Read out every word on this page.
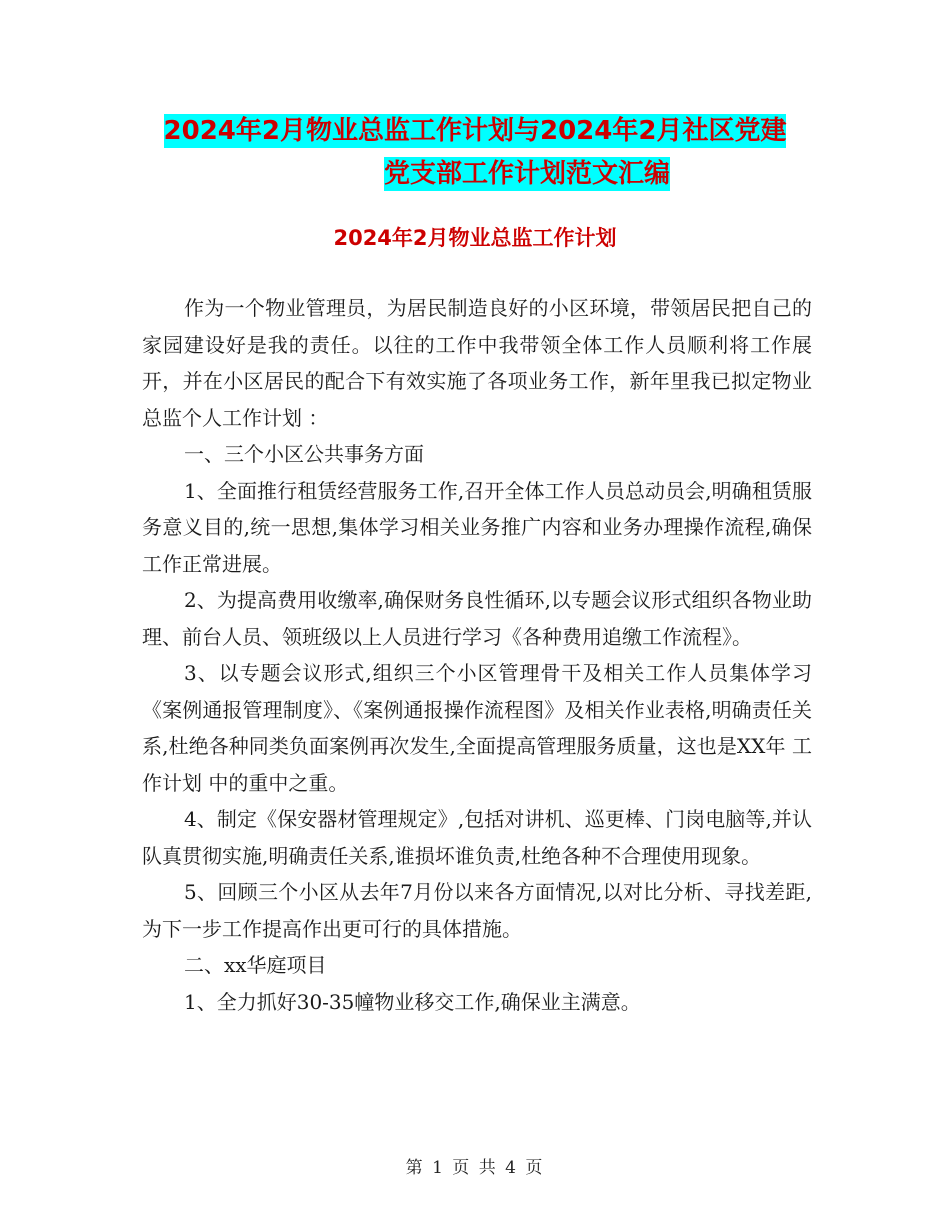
2024年2月物业总监工作计划与2024年2月社区党建
党支部工作计划范文汇编
2024年2月物业总监工作计划

作为一个物业管理员，为居民制造良好的小区环境，带领居民把自己的家园建设好是我的责任。以往的工作中我带领全体工作人员顺利将工作展开，并在小区居民的配合下有效实施了各项业务工作，新年里我已拟定物业总监个人工作计划 ：

一、三个小区公共事务方面

1、全面推行租赁经营服务工作,召开全体工作人员总动员会,明确租赁服务意义目的,统一思想,集体学习相关业务推广内容和业务办理操作流程,确保工作正常进展。

2、为提高费用收缴率,确保财务良性循环,以专题会议形式组织各物业助理、前台人员、领班级以上人员进行学习《各种费用追缴工作流程》。

3、以专题会议形式,组织三个小区管理骨干及相关工作人员集体学习《案例通报管理制度》、《案例通报操作流程图》及相关作业表格,明确责任关系,杜绝各种同类负面案例再次发生,全面提高管理服务质量，这也是XX年 工作计划 中的重中之重。

4、制定《保安器材管理规定》,包括对讲机、巡更棒、门岗电脑等,并认队真贯彻实施,明确责任关系,谁损坏谁负责,杜绝各种不合理使用现象。

5、回顾三个小区从去年7月份以来各方面情况,以对比分析、寻找差距,为下一步工作提高作出更可行的具体措施。

二、xx华庭项目

1、全力抓好30-35幢物业移交工作,确保业主满意。

第 1 页 共 4 页
